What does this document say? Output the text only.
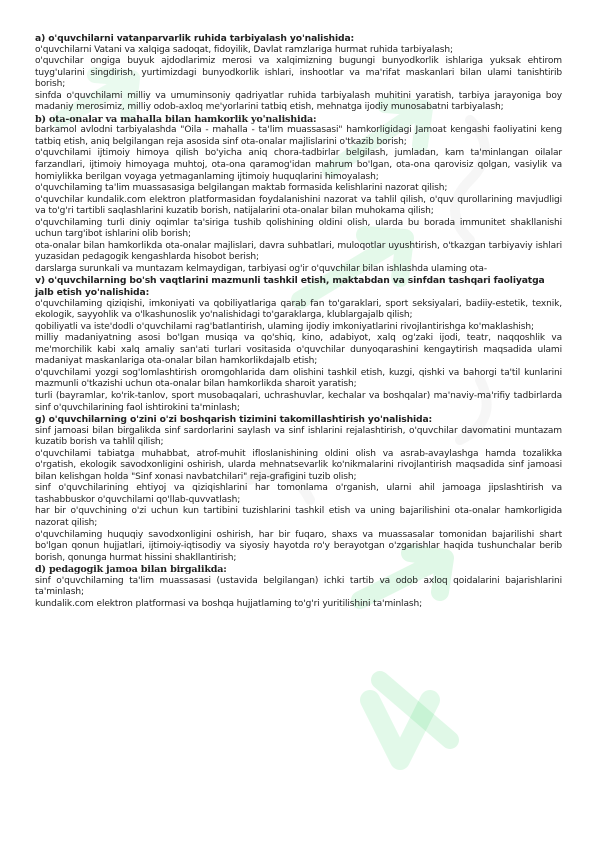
a) o'quvchilarni vatanparvarlik ruhida tarbiyalash yo'nalishida:

o'quvchilarni Vatani va xalqiga sadoqat, fidoyilik, Davlat ramzlariga hurmat ruhida tarbiyalash;

o'quvchilar ongiga buyuk ajdodlarimiz merosi va xalqimizning bugungi bunyodkorlik ishlariga yuksak ehtirom tuyg'ularini singdirish, yurtimizdagi bunyodkorlik ishlari, inshootlar va ma'rifat maskanlari bilan ulami tanishtirib borish;

sinfda o'quvchilami milliy va umuminsoniy qadriyatlar ruhida tarbiyalash muhitini yaratish, tarbiya jarayoniga boy madaniy merosimiz, milliy odob-axloq me'yorlarini tatbiq etish, mehnatga ijodiy munosabatni tarbiyalash;

b) ota-onalar va mahalla bilan hamkorlik yo'nalishida:

barkamol avlodni tarbiyalashda "Oila - mahalla - ta'lim muassasasi" hamkorligidagi Jamoat kengashi faoliyatini keng tatbiq etish, aniq belgilangan reja asosida sinf ota-onalar majlislarini o'tkazib borish;

o'quvchilami ijtimoiy himoya qilish bo'yicha aniq chora-tadbirlar belgilash, jumladan, kam ta'minlangan oilalar farzandlari, ijtimoiy himoyaga muhtoj, ota-ona qaramog'idan mahrum bo'lgan, ota-ona qarovisiz qolgan, vasiylik va homiylikka berilgan voyaga yetmaganlaming ijtimoiy huquqlarini himoyalash;

o'quvchilaming ta'lim muassasasiga belgilangan maktab formasida kelishlarini nazorat qilish;

o'quvchilar kundalik.com elektron platformasidan foydalanishini nazorat va tahlil qilish, o'quv qurollarining mavjudligi va to'g'ri tartibli saqlashlarini kuzatib borish, natijalarini ota-onalar bilan muhokama qilish;

o'quvchilaming turli diniy oqimlar ta'siriga tushib qolishining oldini olish, ularda bu borada immunitet shakllanishi uchun targ'ibot ishlarini olib borish;

ota-onalar bilan hamkorlikda ota-onalar majlislari, davra suhbatlari, muloqotlar uyushtirish, o'tkazgan tarbiyaviy ishlari yuzasidan pedagogik kengashlarda hisobot berish;

darslarga surunkali va muntazam kelmaydigan, tarbiyasi og'ir o'quvchilar bilan ishlashda ulaming ota-

v) o'quvchilarning bo'sh vaqtlarini mazmunli tashkil etish, maktabdan va sinfdan tashqari faoliyatga jalb etish yo'nalishida:

o'quvchilaming qiziqishi, imkoniyati va qobiliyatlariga qarab fan to'garaklari, sport seksiyalari, badiiy-estetik, texnik, ekologik, sayyohlik va o'lkashunoslik yo'nalishidagi to'garaklarga, klublargajalb qilish;

qobiliyatli va iste'dodli o'quvchilami rag'batlantirish, ulaming ijodiy imkoniyatlarini rivojlantirishga ko'maklashish;

milliy madaniyatning asosi bo'lgan musiqa va qo'shiq, kino, adabiyot, xalq og'zaki ijodi, teatr, naqqoshlik va me'morchilik kabi xalq amaliy san'ati turlari vositasida o'quvchilar dunyoqarashini kengaytirish maqsadida ulami madaniyat maskanlariga ota-onalar bilan hamkorlikdajalb etish;

o'quvchilami yozgi sog'lomlashtirish oromgohlarida dam olishini tashkil etish, kuzgi, qishki va bahorgi ta'til kunlarini mazmunli o'tkazishi uchun ota-onalar bilan hamkorlikda sharoit yaratish;

turli (bayramlar, ko'rik-tanlov, sport musobaqalari, uchrashuvlar, kechalar va boshqalar) ma'naviy-ma'rifiy tadbirlarda sinf o'quvchilarining faol ishtirokini ta'minlash;

g) o'quvchilarning o'zini o'zi boshqarish tizimini takomillashtirish yo'nalishida:

sinf jamoasi bilan birgalikda sinf sardorlarini saylash va sinf ishlarini rejalashtirish, o'quvchilar davomatini muntazam kuzatib borish va tahlil qilish;

o'quvchilami tabiatga muhabbat, atrof-muhit ifloslanishining oldini olish va asrab-avaylashga hamda tozalikka o'rgatish, ekologik savodxonligini oshirish, ularda mehnatsevarlik ko'nikmalarini rivojlantirish maqsadida sinf jamoasi bilan kelishgan holda "Sinf xonasi navbatchilari" reja-grafigini tuzib olish;

sinf o'quvchilarining ehtiyoj va qiziqishlarini har tomonlama o'rganish, ularni ahil jamoaga jipslashtirish va tashabbuskor o'quvchilami qo'llab-quvvatlash;

har bir o'quvchining o'zi uchun kun tartibini tuzishlarini tashkil etish va uning bajarilishini ota-onalar hamkorligida nazorat qilish;

o'quvchilaming huquqiy savodxonligini oshirish, har bir fuqaro, shaxs va muassasalar tomonidan bajarilishi shart bo'lgan qonun hujjatlari, ijtimoiy-iqtisodiy va siyosiy hayotda ro'y berayotgan o'zgarishlar haqida tushunchalar berib borish, qonunga hurmat hissini shakllantirish;

d) pedagogik jamoa bilan birgalikda:

sinf o'quvchilaming ta'lim muassasasi (ustavida belgilangan) ichki tartib va odob axloq qoidalarini bajarishlarini ta'minlash;

kundalik.com elektron platformasi va boshqa hujjatlaming to'g'ri yuritilishini ta'minlash;
